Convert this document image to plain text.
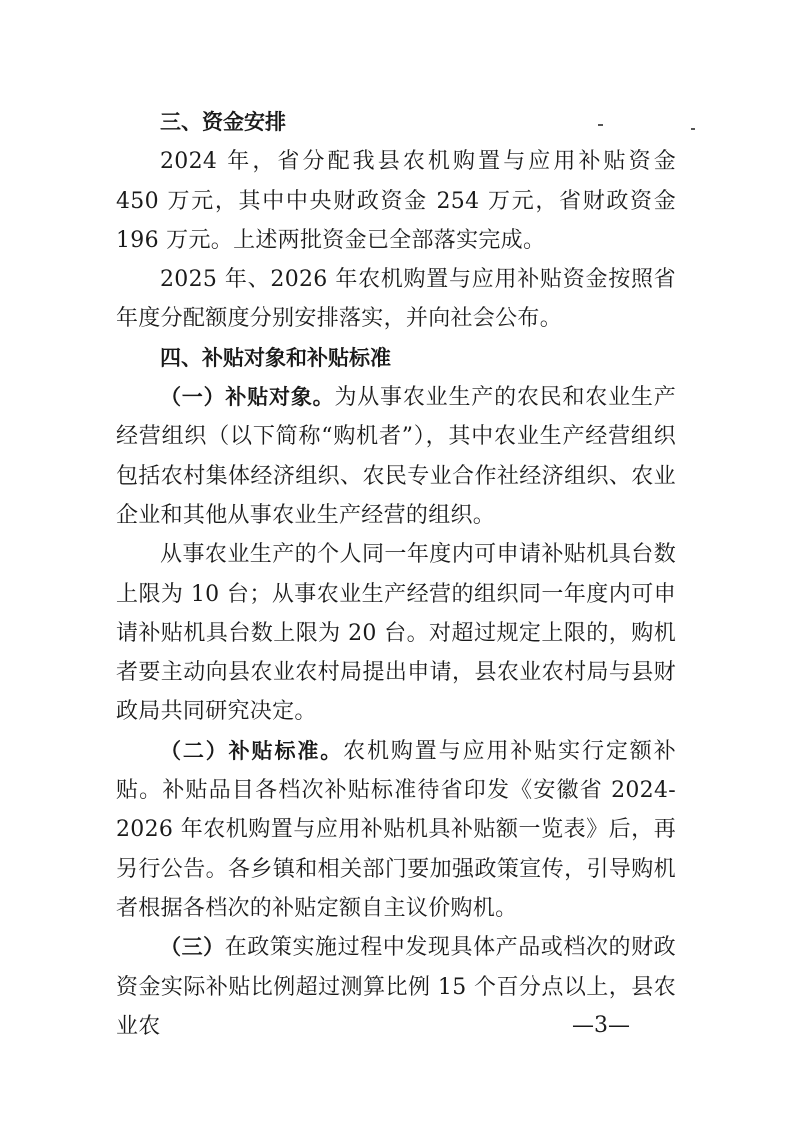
三、资金安排

2024 年，省分配我县农机购置与应用补贴资金 450 万元，其中中央财政资金 254 万元，省财政资金 196 万元。上述两批资金已全部落实完成。

2025 年、2026 年农机购置与应用补贴资金按照省年度分配额度分别安排落实，并向社会公布。

四、补贴对象和补贴标准

（一）补贴对象。为从事农业生产的农民和农业生产经营组织（以下简称“购机者”），其中农业生产经营组织包括农村集体经济组织、农民专业合作社经济组织、农业企业和其他从事农业生产经营的组织。

从事农业生产的个人同一年度内可申请补贴机具台数上限为 10 台；从事农业生产经营的组织同一年度内可申请补贴机具台数上限为 20 台。对超过规定上限的，购机者要主动向县农业农村局提出申请，县农业农村局与县财政局共同研究决定。

（二）补贴标准。农机购置与应用补贴实行定额补贴。补贴品目各档次补贴标准待省印发《安徽省 2024-2026 年农机购置与应用补贴机具补贴额一览表》后，再另行公告。各乡镇和相关部门要加强政策宣传，引导购机者根据各档次的补贴定额自主议价购机。

（三）在政策实施过程中发现具体产品或档次的财政资金实际补贴比例超过测算比例 15 个百分点以上，县农业农	—3—
